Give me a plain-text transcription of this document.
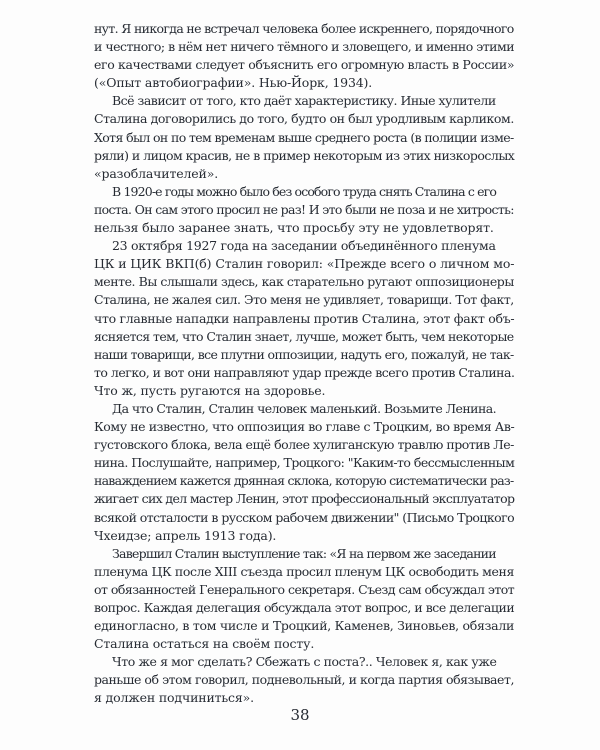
нут. Я никогда не встречал человека более искреннего, порядочного
и честного; в нём нет ничего тёмного и зловещего, и именно этими
его качествами следует объяснить его огромную власть в России»
(«Опыт автобиографии». Нью-Йорк, 1934).
Всё зависит от того, кто даёт характеристику. Иные хулители
Сталина договорились до того, будто он был уродливым карликом.
Хотя был он по тем временам выше среднего роста (в полиции изме-
ряли) и лицом красив, не в пример некоторым из этих низкорослых
«разоблачителей».
В 1920-е годы можно было без особого труда снять Сталина с его
поста. Он сам этого просил не раз! И это были не поза и не хитрость:
нельзя было заранее знать, что просьбу эту не удовлетворят.
23 октября 1927 года на заседании объединённого пленума
ЦК и ЦИК ВКП(б) Сталин говорил: «Прежде всего о личном мо-
менте. Вы слышали здесь, как старательно ругают оппозиционеры
Сталина, не жалея сил. Это меня не удивляет, товарищи. Тот факт,
что главные нападки направлены против Сталина, этот факт объ-
ясняется тем, что Сталин знает, лучше, может быть, чем некоторые
наши товарищи, все плутни оппозиции, надуть его, пожалуй, не так-
то легко, и вот они направляют удар прежде всего против Сталина.
Что ж, пусть ругаются на здоровье.
Да что Сталин, Сталин человек маленький. Возьмите Ленина.
Кому не известно, что оппозиция во главе с Троцким, во время Ав-
густовского блока, вела ещё более хулиганскую травлю против Ле-
нина. Послушайте, например, Троцкого: "Каким-то бессмысленным
наваждением кажется дрянная склока, которую систематически раз-
жигает сих дел мастер Ленин, этот профессиональный эксплуататор
всякой отсталости в русском рабочем движении" (Письмо Троцкого
Чхеидзе; апрель 1913 года).
Завершил Сталин выступление так: «Я на первом же заседании
пленума ЦК после XIII съезда просил пленум ЦК освободить меня
от обязанностей Генерального секретаря. Съезд сам обсуждал этот
вопрос. Каждая делегация обсуждала этот вопрос, и все делегации
единогласно, в том числе и Троцкий, Каменев, Зиновьев, обязали
Сталина остаться на своём посту.
Что же я мог сделать? Сбежать с поста?.. Человек я, как уже
раньше об этом говорил, подневольный, и когда партия обязывает,
я должен подчиниться».
38
